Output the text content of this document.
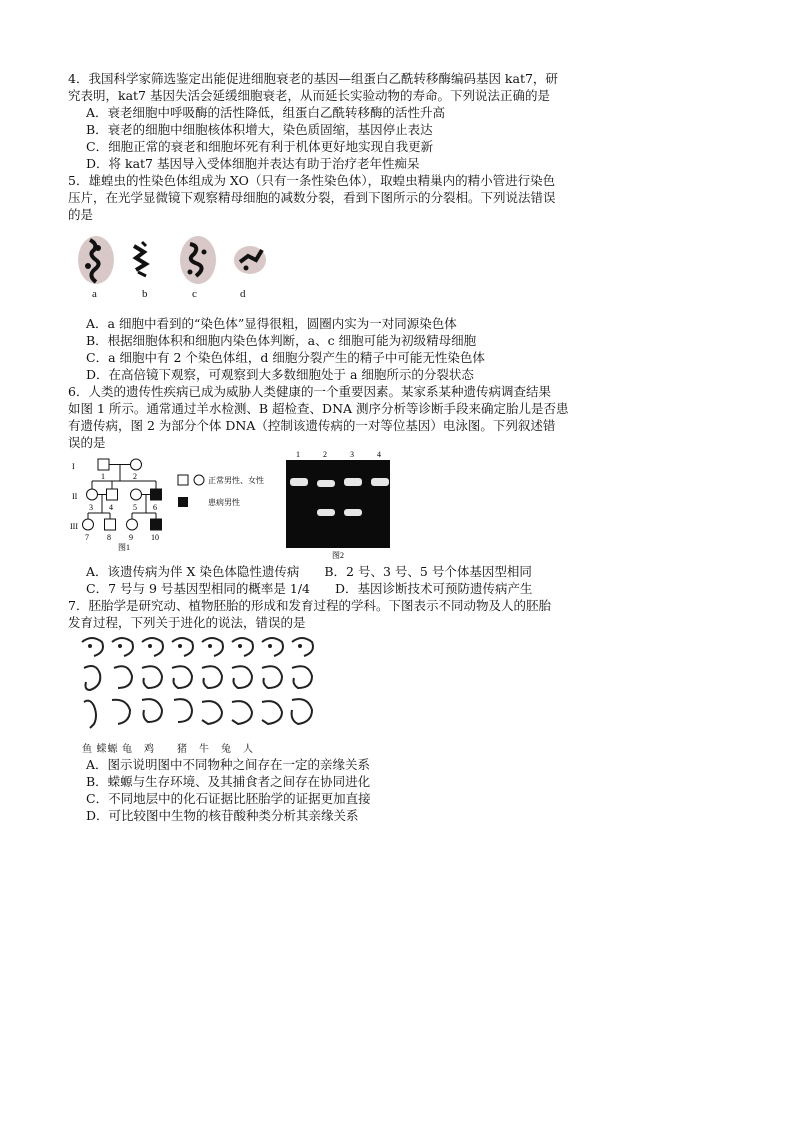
4．我国科学家筛选鉴定出能促进细胞衰老的基因—组蛋白乙酰转移酶编码基因 kat7，研
究表明，kat7 基因失活会延缓细胞衰老，从而延长实验动物的寿命。下列说法正确的是
A．衰老细胞中呼吸酶的活性降低，组蛋白乙酰转移酶的活性升高
B．衰老的细胞中细胞核体积增大，染色质固缩，基因停止表达
C．细胞正常的衰老和细胞坏死有利于机体更好地实现自我更新
D．将 kat7 基因导入受体细胞并表达有助于治疗老年性痴呆
5．雄蝗虫的性染色体组成为 XO（只有一条性染色体），取蝗虫精巢内的精小管进行染色
压片，在光学显微镜下观察精母细胞的减数分裂，看到下图所示的分裂相。下列说法错误
的是
a	b	c	d
A．a 细胞中看到的“染色体”显得很粗，圆圈内实为一对同源染色体
B．根据细胞体积和细胞内染色体判断，a、c 细胞可能为初级精母细胞
C．a 细胞中有 2 个染色体组，d 细胞分裂产生的精子中可能无性染色体
D．在高倍镜下观察，可观察到大多数细胞处于 a 细胞所示的分裂状态
6．人类的遗传性疾病已成为威胁人类健康的一个重要因素。某家系某种遗传病调查结果
如图 1 所示。通常通过羊水检测、B 超检查、DNA 测序分析等诊断手段来确定胎儿是否患
有遗传病，图 2 为部分个体 DNA（控制该遗传病的一对等位基因）电泳图。下列叙述错
误的是
I
II
III
1	2
3 4	5 6
7 8 9 10
图1
正常男性、女性
患病男性
1	2	3	4
图2
A．该遗传病为伴 X 染色体隐性遗传病　　B．2 号、3 号、5 号个体基因型相同
C．7 号与 9 号基因型相同的概率是 1/4　　D．基因诊断技术可预防遗传病产生
7．胚胎学是研究动、植物胚胎的形成和发育过程的学科。下图表示不同动物及人的胚胎
发育过程，下列关于进化的说法，错误的是
鱼 蝾螈 龟　鸡　　猪　牛　兔　人
A．图示说明图中不同物种之间存在一定的亲缘关系
B．蝾螈与生存环境、及其捕食者之间存在协同进化
C．不同地层中的化石证据比胚胎学的证据更加直接
D．可比较图中生物的核苷酸种类分析其亲缘关系
